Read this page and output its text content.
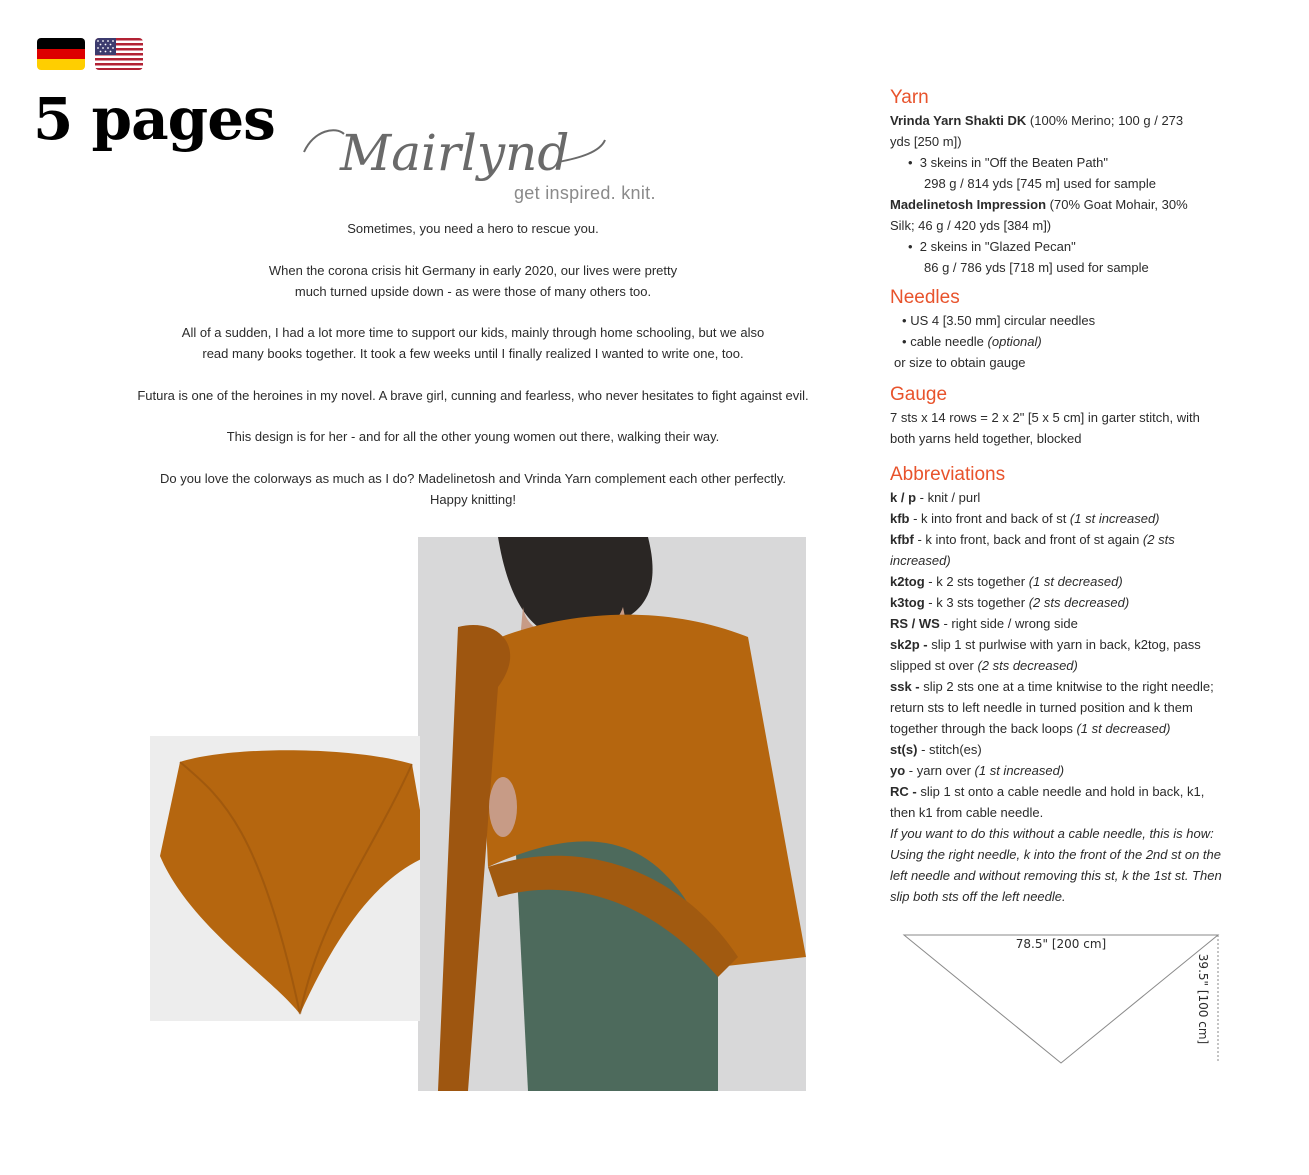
5 pages Mairlynd
get inspired. knit.

Sometimes, you need a hero to rescue you.

When the corona crisis hit Germany in early 2020, our lives were pretty
much turned upside down - as were those of many others too.

All of a sudden, I had a lot more time to support our kids, mainly through home schooling, but we also
read many books together. It took a few weeks until I finally realized I wanted to write one, too.

Futura is one of the heroines in my novel. A brave girl, cunning and fearless, who never hesitates to fight against evil.

This design is for her - and for all the other young women out there, walking their way.

Do you love the colorways as much as I do? Madelinetosh and Vrinda Yarn complement each other perfectly.
Happy knitting!

Yarn
Vrinda Yarn Shakti DK (100% Merino; 100 g / 273
yds [250 m])
• 3 skeins in "Off the Beaten Path"
298 g / 814 yds [745 m] used for sample
Madelinetosh Impression (70% Goat Mohair, 30%
Silk; 46 g / 420 yds [384 m])
• 2 skeins in "Glazed Pecan"
86 g / 786 yds [718 m] used for sample
Needles
• US 4 [3.50 mm] circular needles
• cable needle (optional)
or size to obtain gauge
Gauge
7 sts x 14 rows = 2 x 2" [5 x 5 cm] in garter stitch, with
both yarns held together, blocked
Abbreviations
k / p - knit / purl
kfb - k into front and back of st (1 st increased)
kfbf - k into front, back and front of st again (2 sts
increased)
k2tog - k 2 sts together (1 st decreased)
k3tog - k 3 sts together (2 sts decreased)
RS / WS - right side / wrong side
sk2p - slip 1 st purlwise with yarn in back, k2tog, pass
slipped st over (2 sts decreased)
ssk - slip 2 sts one at a time knitwise to the right needle;
return sts to left needle in turned position and k them
together through the back loops (1 st decreased)
st(s) - stitch(es)
yo - yarn over (1 st increased)
RC - slip 1 st onto a cable needle and hold in back, k1,
then k1 from cable needle.
If you want to do this without a cable needle, this is how:
Using the right needle, k into the front of the 2nd st on the
left needle and without removing this st, k the 1st st. Then
slip both sts off the left needle.
78.5" [200 cm]
39.5" [100 cm]
